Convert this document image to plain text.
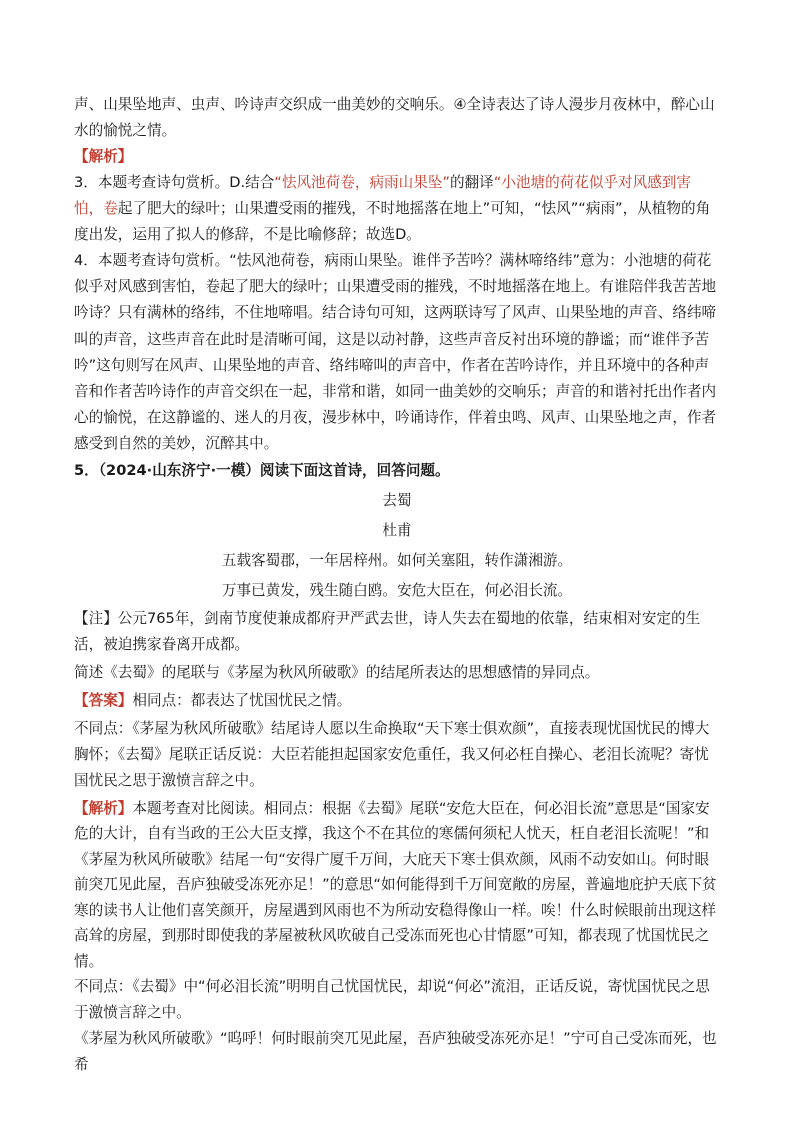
声、山果坠地声、虫声、吟诗声交织成一曲美妙的交响乐。④全诗表达了诗人漫步月夜林中，醉心山水的愉悦之情。

【解析】

3．本题考查诗句赏析。D.结合“怯风池荷卷，病雨山果坠”的翻译“小池塘的荷花似乎对风感到害怕，卷起了肥大的绿叶；山果遭受雨的摧残，不时地摇落在地上”可知，“怯风”“病雨”，从植物的角度出发，运用了拟人的修辞，不是比喻修辞；故选D。

4．本题考查诗句赏析。“怯风池荷卷，病雨山果坠。谁伴予苦吟？满林啼络纬”意为：小池塘的荷花似乎对风感到害怕，卷起了肥大的绿叶；山果遭受雨的摧残，不时地摇落在地上。有谁陪伴我苦苦地吟诗？只有满林的络纬，不住地啼唱。结合诗句可知，这两联诗写了风声、山果坠地的声音、络纬啼叫的声音，这些声音在此时是清晰可闻，这是以动衬静，这些声音反衬出环境的静谧；而“谁伴予苦吟”这句则写在风声、山果坠地的声音、络纬啼叫的声音中，作者在苦吟诗作，并且环境中的各种声音和作者苦吟诗作的声音交织在一起，非常和谐，如同一曲美妙的交响乐；声音的和谐衬托出作者内心的愉悦，在这静谧的、迷人的月夜，漫步林中，吟诵诗作，伴着虫鸣、风声、山果坠地之声，作者感受到自然的美妙，沉醉其中。

5．（2024·山东济宁·一模）阅读下面这首诗，回答问题。

去蜀

杜甫

五载客蜀郡，一年居梓州。如何关塞阻，转作潇湘游。

万事已黄发，残生随白鸥。安危大臣在，何必泪长流。

【注】公元765年，剑南节度使兼成都府尹严武去世，诗人失去在蜀地的依靠，结束相对安定的生活，被迫携家眷离开成都。

简述《去蜀》的尾联与《茅屋为秋风所破歌》的结尾所表达的思想感情的异同点。

【答案】相同点：都表达了忧国忧民之情。

不同点：《茅屋为秋风所破歌》结尾诗人愿以生命换取“天下寒士俱欢颜”，直接表现忧国忧民的博大胸怀；《去蜀》尾联正话反说：大臣若能担起国家安危重任，我又何必枉自操心、老泪长流呢？寄忧国忧民之思于激愤言辞之中。

【解析】本题考查对比阅读。相同点：根据《去蜀》尾联“安危大臣在，何必泪长流”意思是“国家安危的大计，自有当政的王公大臣支撑，我这个不在其位的寒儒何须杞人忧天，枉自老泪长流呢！”和《茅屋为秋风所破歌》结尾一句“安得广厦千万间，大庇天下寒士俱欢颜，风雨不动安如山。何时眼前突兀见此屋，吾庐独破受冻死亦足！”的意思“如何能得到千万间宽敞的房屋，普遍地庇护天底下贫寒的读书人让他们喜笑颜开，房屋遇到风雨也不为所动安稳得像山一样。唉！什么时候眼前出现这样高耸的房屋，到那时即使我的茅屋被秋风吹破自己受冻而死也心甘情愿”可知，都表现了忧国忧民之情。

不同点：《去蜀》中“何必泪长流”明明自己忧国忧民，却说“何必”流泪，正话反说，寄忧国忧民之思于激愤言辞之中。

《茅屋为秋风所破歌》“呜呼！何时眼前突兀见此屋，吾庐独破受冻死亦足！”宁可自己受冻而死，也希
